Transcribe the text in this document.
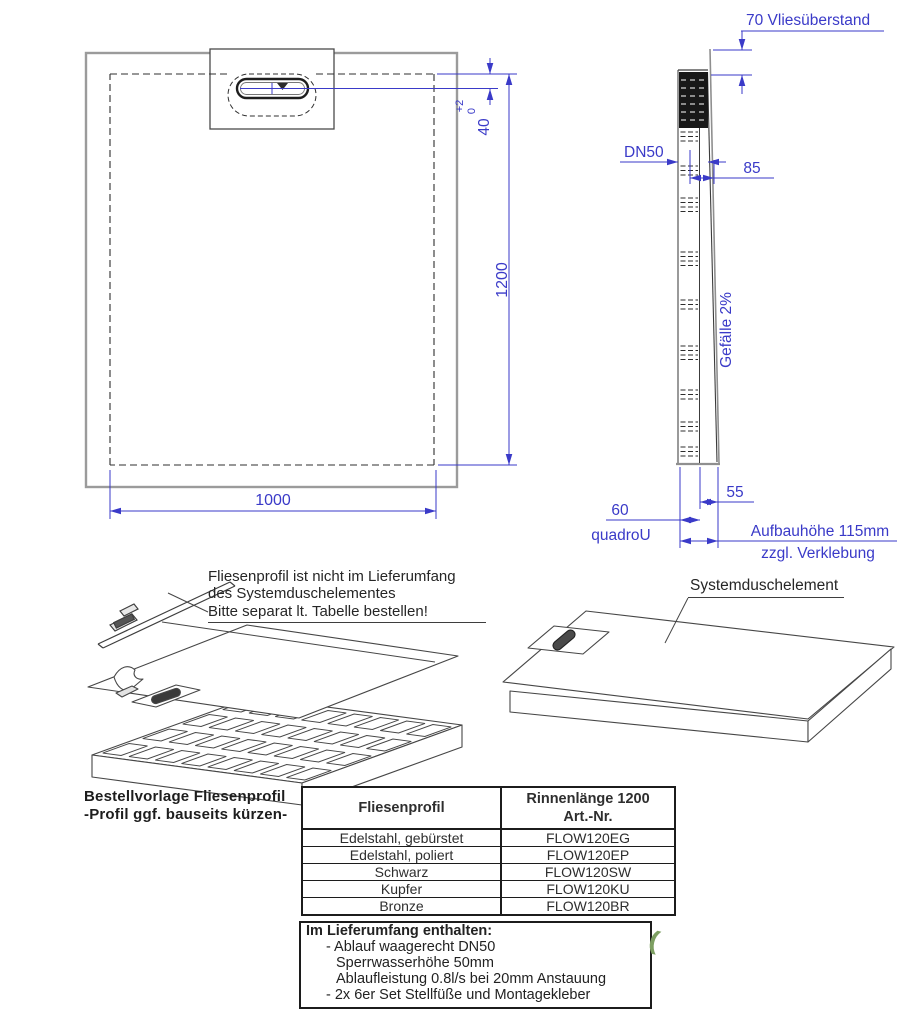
1000
1200
40
+2 0
70 Vliesüberstand
DN50
85
Gefälle 2%
55
60
quadroU	Aufbauhöhe 115mm
zzgl. Verklebung
Fliesenprofil ist nicht im Lieferumfang
des Systemduschelementes
Bitte separat lt. Tabelle bestellen!
Systemduschelement
Bestellvorlage Fliesenprofil
-Profil ggf. bauseits kürzen-	Fliesenprofil	Rinnenlänge 1200
Art.-Nr.

Edelstahl, gebürstet	FLOW120EG
Edelstahl, poliert	FLOW120EP
Schwarz	FLOW120SW
Kupfer	FLOW120KU
Bronze	FLOW120BR
Im Lieferumfang enthalten:
- Ablauf waagerecht DN50
Sperrwasserhöhe 50mm
Ablaufleistung 0.8l/s bei 20mm Anstauung
- 2x 6er Set Stellfüße und Montagekleber
(
